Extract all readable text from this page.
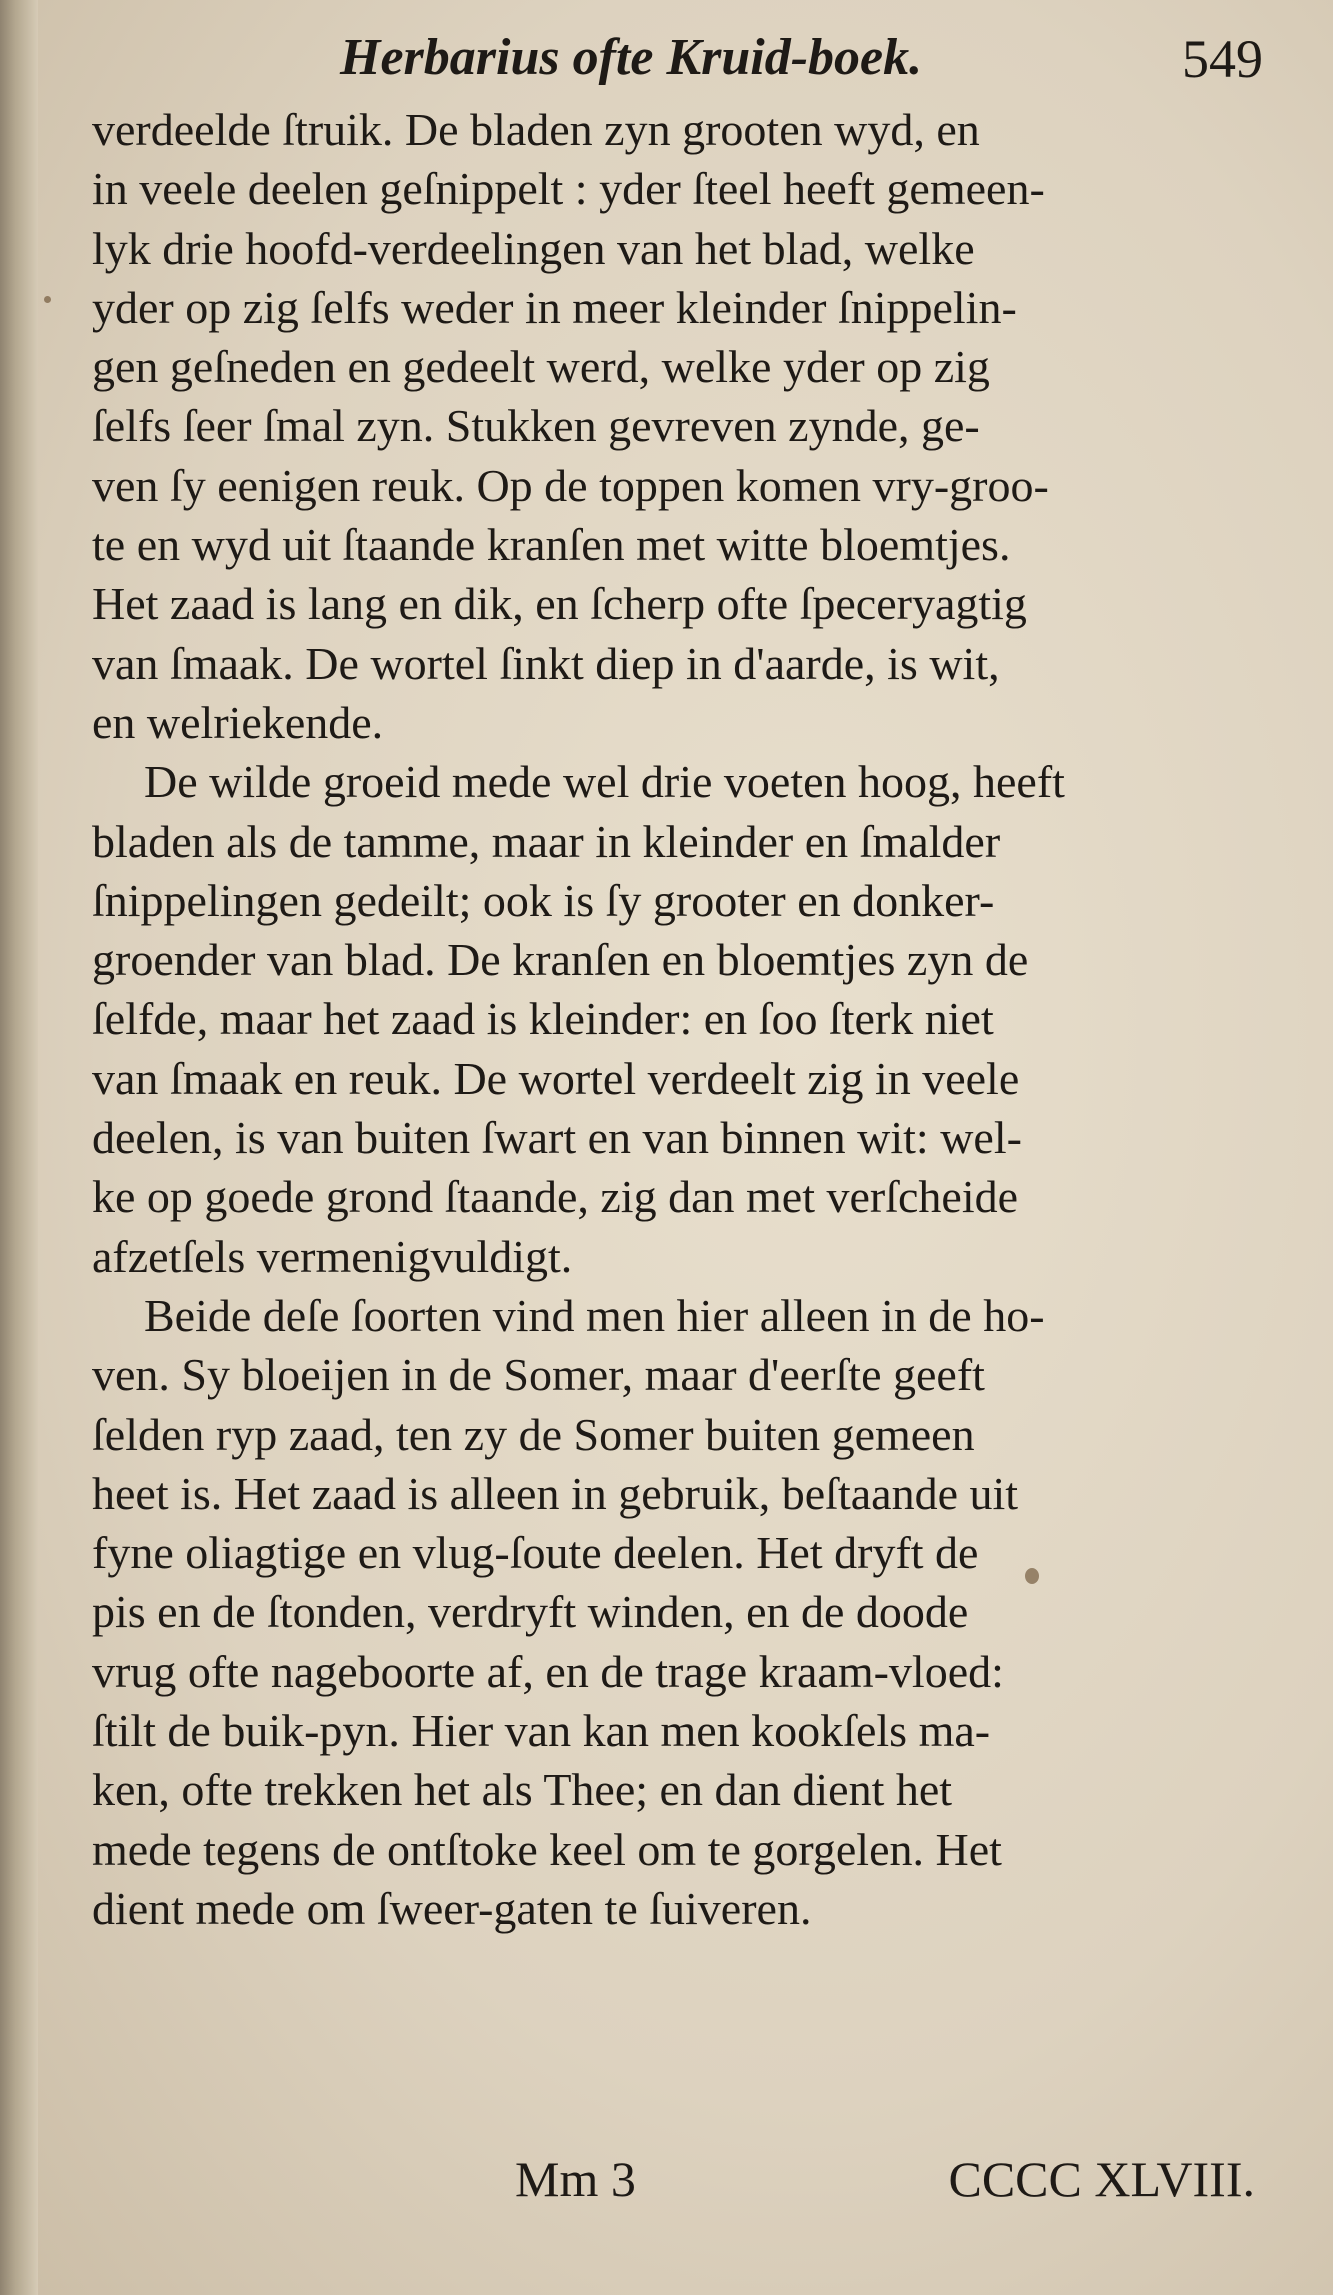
Herbarius ofte Kruid-boek.	549
verdeelde ſtruik. De bladen zyn grooten wyd, en
in veele deelen geſnippelt : yder ſteel heeft gemeen-
lyk drie hoofd-verdeelingen van het blad, welke
yder op zig ſelfs weder in meer kleinder ſnippelin-
gen geſneden en gedeelt werd, welke yder op zig
ſelfs ſeer ſmal zyn. Stukken gevreven zynde, ge-
ven ſy eenigen reuk. Op de toppen komen vry-groo-
te en wyd uit ſtaande kranſen met witte bloemtjes.
Het zaad is lang en dik, en ſcherp ofte ſpeceryagtig
van ſmaak. De wortel ſinkt diep in d'aarde, is wit,
en welriekende.
De wilde groeid mede wel drie voeten hoog, heeft
bladen als de tamme, maar in kleinder en ſmalder
ſnippelingen gedeilt; ook is ſy grooter en donker-
groender van blad. De kranſen en bloemtjes zyn de
ſelfde, maar het zaad is kleinder: en ſoo ſterk niet
van ſmaak en reuk. De wortel verdeelt zig in veele
deelen, is van buiten ſwart en van binnen wit: wel-
ke op goede grond ſtaande, zig dan met verſcheide
afzetſels vermenigvuldigt.
Beide deſe ſoorten vind men hier alleen in de ho-
ven. Sy bloeijen in de Somer, maar d'eerſte geeft
ſelden ryp zaad, ten zy de Somer buiten gemeen
heet is. Het zaad is alleen in gebruik, beſtaande uit
fyne oliagtige en vlug-ſoute deelen. Het dryft de
pis en de ſtonden, verdryft winden, en de doode
vrug ofte nageboorte af, en de trage kraam-vloed:
ſtilt de buik-pyn. Hier van kan men kookſels ma-
ken, ofte trekken het als Thee; en dan dient het
mede tegens de ontſtoke keel om te gorgelen. Het
dient mede om ſweer-gaten te ſuiveren.
Mm 3	CCCC XLVIII.
